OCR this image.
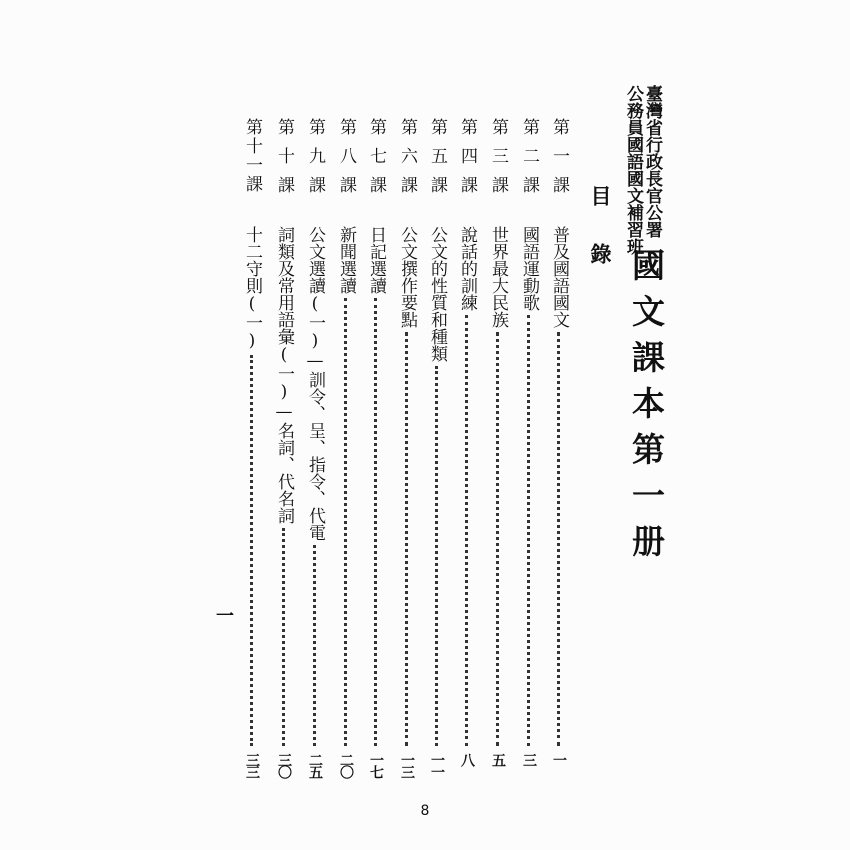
臺灣省行政長官公署
公務員國語國文補習班
國文課本第一册
目錄
第一課
普及國語國文
一
第二課
國語運動歌
三
第三課
世界最大民族
五
第四課
說話的訓練
八
第五課
公文的性質和種類
一一
第六課
公文撰作要點
一三
第七課
日記選讀
一七
第八課
新聞選讀
二〇
第九課
公文選讀(一)—訓令、呈、指令、代電
二五
第十課
詞類及常用語彙(一)—名詞、代名詞
三〇
第十一課
十二守則(一)
三三
一
8
